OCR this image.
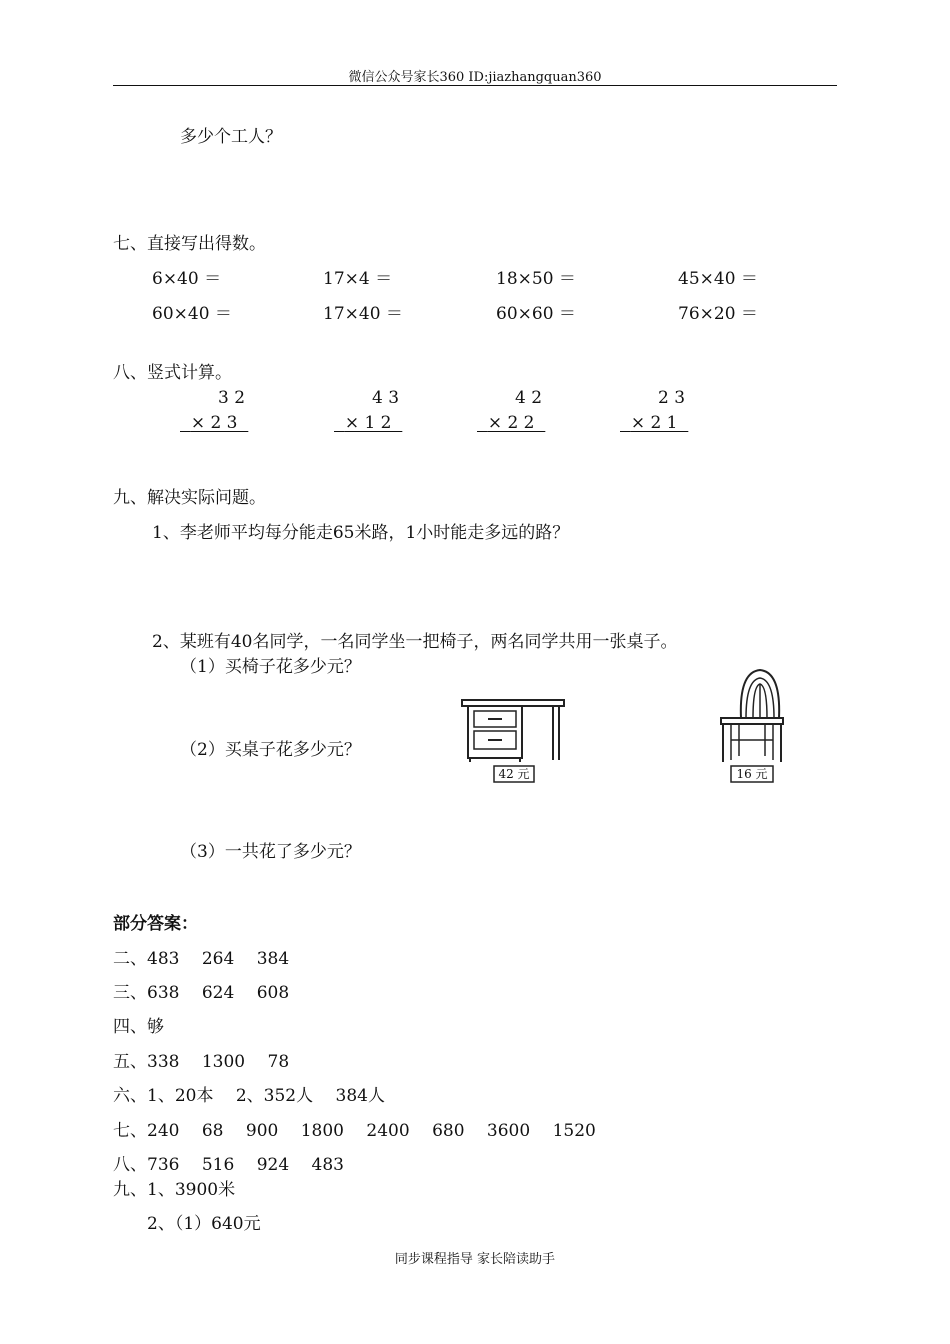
微信公众号家长360 ID:jiazhangquan360
多少个工人？
七、直接写出得数。
6×40 ＝	17×4 ＝	18×50 ＝	45×40 ＝
60×40 ＝	17×40 ＝	60×60 ＝	76×20 ＝
八、竖式计算。
3 2
× 2 3
4 3
× 1 2
4 2
× 2 2
2 3
× 2 1
九、解决实际问题。
1、李老师平均每分能走65米路，1小时能走多远的路？
2、某班有40名同学，一名同学坐一把椅子，两名同学共用一张桌子。
（1）买椅子花多少元？
（2）买桌子花多少元？
（3）一共花了多少元？
42 元	16 元
部分答案：
二、483　 264　 384
三、638　 624　 608
四、够
五、338　 1300　 78
六、1、20本　 2、352人　 384人
七、240　 68　 900　 1800　 2400　 680　 3600　 1520
八、736　 516　 924　 483
九、1、3900米
　　2、（1）640元
同步课程指导 家长陪读助手
